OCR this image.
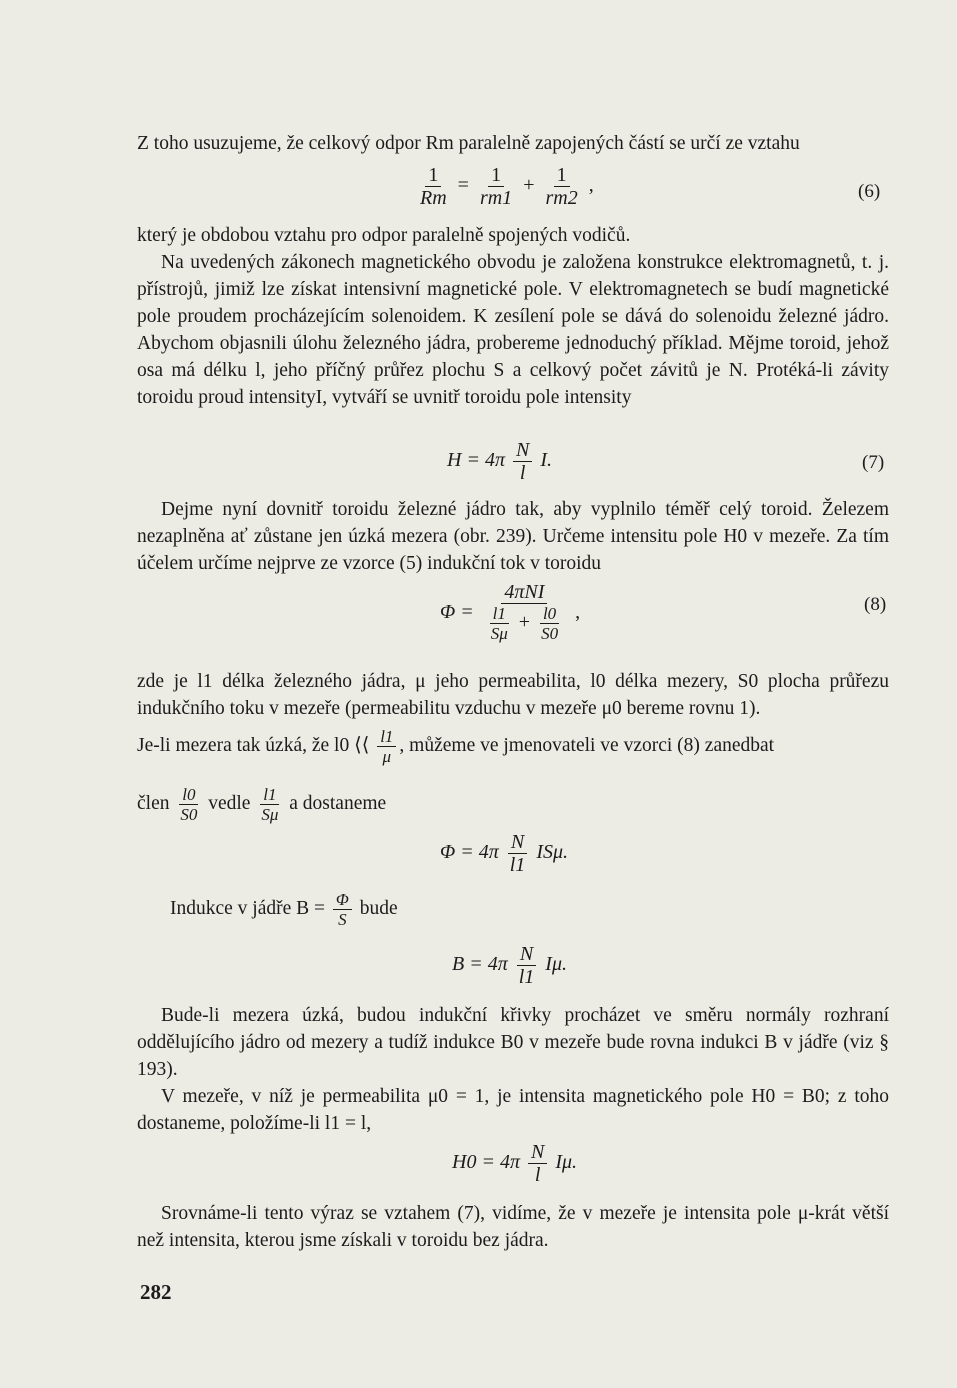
Z toho usuzujeme, že celkový odpor Rm paralelně zapojených částí se určí ze vztahu

$\frac{1}{Rm} = \frac{1}{rm1} + \frac{1}{rm2}$ ,	(6)

který je obdobou vztahu pro odpor paralelně spojených vodičů.

Na uvedených zákonech magnetického obvodu je založena konstrukce elektromagnetů, t. j. přístrojů, jimiž lze získat intensivní magnetické pole. V elektromagnetech se budí magnetické pole proudem procházejícím solenoidem. K zesílení pole se dává do solenoidu železné jádro. Abychom objasnili úlohu železného jádra, probereme jednoduchý příklad. Mějme toroid, jehož osa má délku l, jeho příčný průřez plochu S a celkový počet závitů je N. Protéká-li závity toroidu proud intensityI, vytváří se uvnitř toroidu pole intensity

$H = 4\pi \frac{N}{l} I$.	(7)

Dejme nyní dovnitř toroidu železné jádro tak, aby vyplnilo téměř celý toroid. Železem nezaplněna ať zůstane jen úzká mezera (obr. 239). Určeme intensitu pole H0 v mezeře. Za tím účelem určíme nejprve ze vzorce (5) indukční tok v toroidu

Φ =
4πNI
$\frac{l1}{S\mu} + \frac{l0}{S0}$ ,	(8)

zde je l1 délka železného jádra, μ jeho permeabilita, l0 délka mezery, S0 plocha průřezu indukčního toku v mezeře (permeabilitu vzduchu v mezeře μ0 bereme rovnu 1).

Je-li mezera tak úzká, že l0 ⟨⟨ $\frac{l1}{\mu}$ , můžeme ve jmenovateli ve vzorci (8) zanedbat

člen $\frac{l0}{S0}$ vedle $\frac{l1}{S\mu}$ a dostaneme

$\Phi = 4\pi \frac{N}{l1} IS\mu$.

Indukce v jádře $B = \frac{\Phi}{S}$ bude

$B = 4\pi \frac{N}{l1} I\mu$.

Bude-li mezera úzká, budou indukční křivky procházet ve směru normály rozhraní oddělujícího jádro od mezery a tudíž indukce B0 v mezeře bude rovna indukci B v jádře (viz § 193).

V mezeře, v níž je permeabilita μ0 = 1, je intensita magnetického pole H0 = B0; z toho dostaneme, položíme-li l1 = l,

$H0 = 4\pi \frac{N}{l} I\mu$.

Srovnáme-li tento výraz se vztahem (7), vidíme, že v mezeře je intensita pole μ-krát větší než intensita, kterou jsme získali v toroidu bez jádra.

282
